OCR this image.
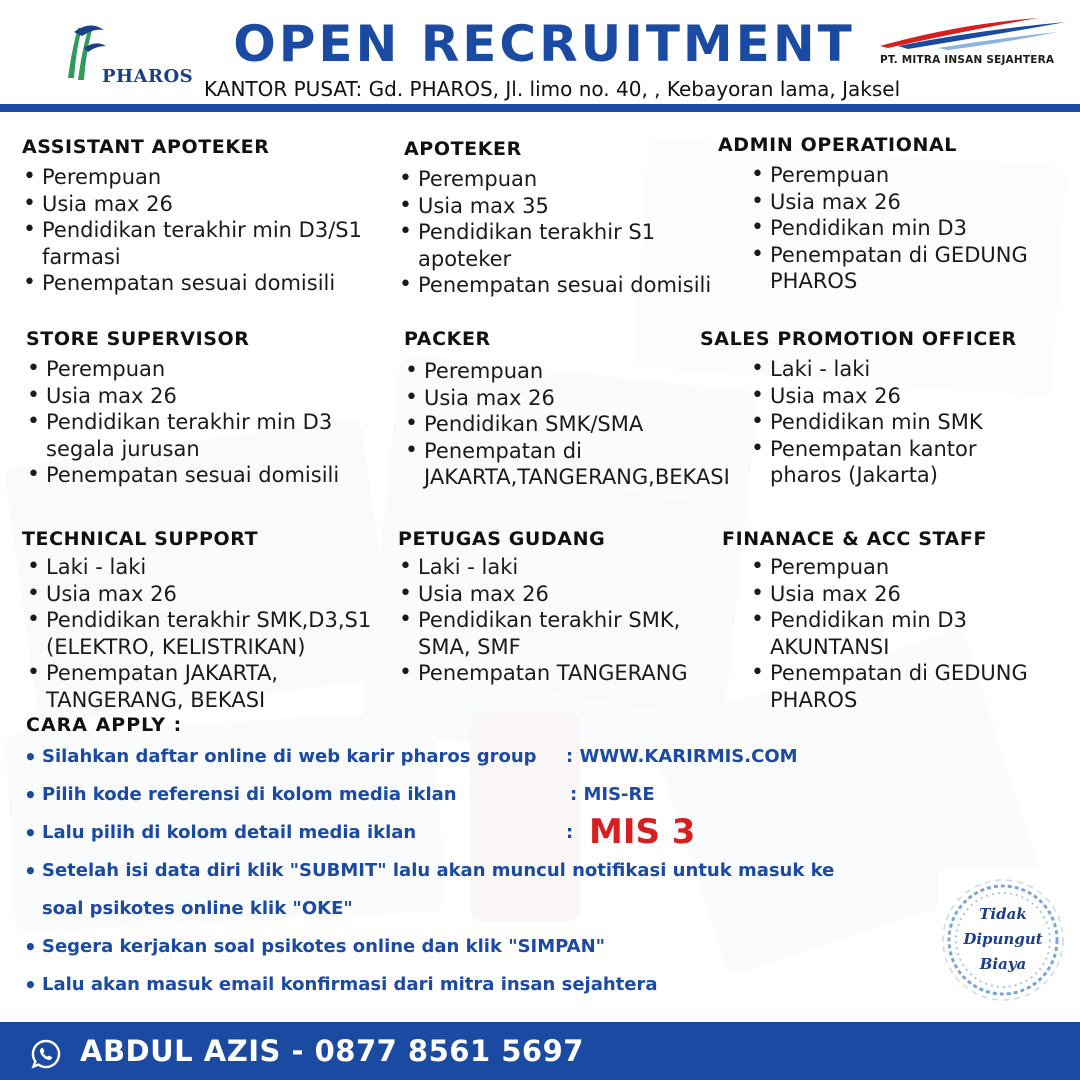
PHAROS
OPEN RECRUITMENT
KANTOR PUSAT: Gd. PHAROS, Jl. limo no. 40, , Kebayoran lama, Jaksel
PT. MITRA INSAN SEJAHTERA
ASSISTANT APOTEKER
• Perempuan
• Usia max 26
• Pendidikan terakhir min D3/S1 farmasi
• Penempatan sesuai domisili
APOTEKER
• Perempuan
• Usia max 35
• Pendidikan terakhir S1 apoteker
• Penempatan sesuai domisili
ADMIN OPERATIONAL
• Perempuan
• Usia max 26
• Pendidikan min D3
• Penempatan di GEDUNG PHAROS
STORE SUPERVISOR
• Perempuan
• Usia max 26
• Pendidikan terakhir min D3 segala jurusan
• Penempatan sesuai domisili
PACKER
• Perempuan
• Usia max 26
• Pendidikan SMK/SMA
• Penempatan di JAKARTA,TANGERANG,BEKASI
SALES PROMOTION OFFICER
• Laki - laki
• Usia max 26
• Pendidikan min SMK
• Penempatan kantor pharos (Jakarta)
TECHNICAL SUPPORT
• Laki - laki
• Usia max 26
• Pendidikan terakhir SMK,D3,S1 (ELEKTRO, KELISTRIKAN)
• Penempatan JAKARTA, TANGERANG, BEKASI
PETUGAS GUDANG
• Laki - laki
• Usia max 26
• Pendidikan terakhir SMK, SMA, SMF
• Penempatan TANGERANG
FINANACE & ACC STAFF
• Perempuan
• Usia max 26
• Pendidikan min D3 AKUNTANSI
• Penempatan di GEDUNG PHAROS
CARA APPLY :
• Silahkan daftar online di web karir pharos group : WWW.KARIRMIS.COM
• Pilih kode referensi di kolom media iklan	: MIS-RE
• Lalu pilih di kolom detail media iklan	: MIS 3
• Setelah isi data diri klik "SUBMIT" lalu akan muncul notifikasi untuk masuk ke
soal psikotes online klik "OKE"
• Segera kerjakan soal psikotes online dan klik "SIMPAN"
• Lalu akan masuk email konfirmasi dari mitra insan sejahtera
Tidak
Dipungut
Biaya
ABDUL AZIS - 0877 8561 5697
